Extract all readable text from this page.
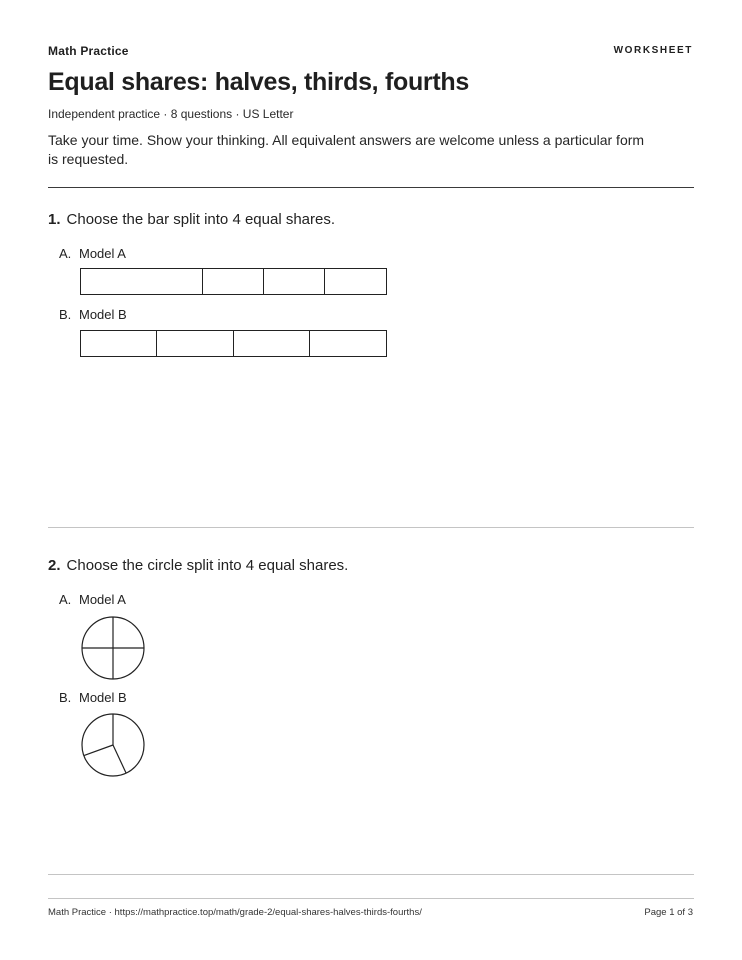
Math Practice	WORKSHEET
Equal shares: halves, thirds, fourths
Independent practice · 8 questions · US Letter
Take your time. Show your thinking. All equivalent answers are welcome unless a particular form is requested.
1. Choose the bar split into 4 equal shares.
A. Model A
B. Model B
2. Choose the circle split into 4 equal shares.
A. Model A
B. Model B
Math Practice · https://mathpractice.top/math/grade-2/equal-shares-halves-thirds-fourths/	Page 1 of 3
